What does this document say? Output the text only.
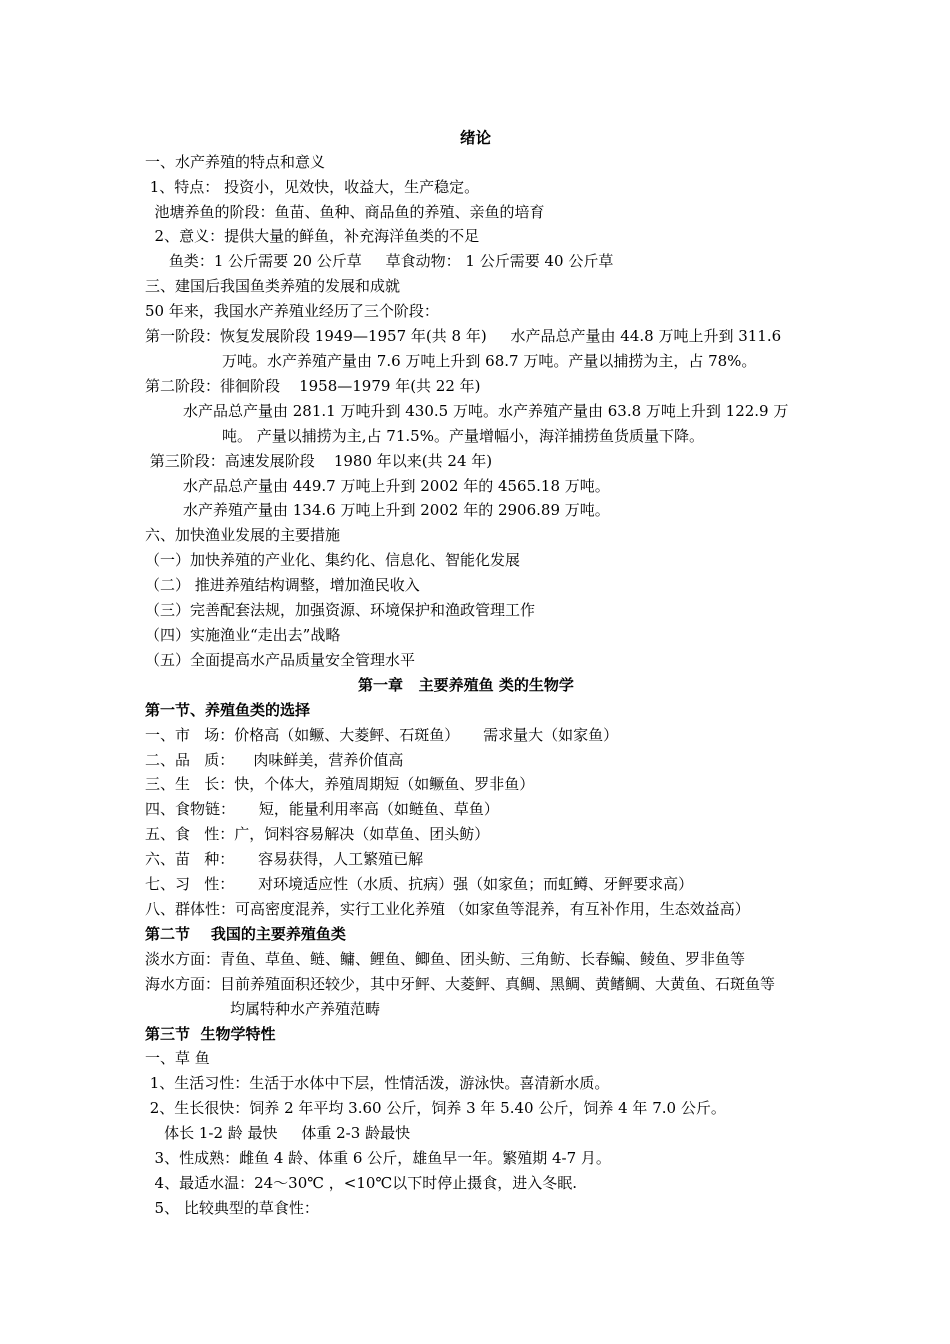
绪论
一、水产养殖的特点和意义
1、特点： 投资小，见效快，收益大，生产稳定。
池塘养鱼的阶段：鱼苗、鱼种、商品鱼的养殖、亲鱼的培育
2、意义：提供大量的鲜鱼，补充海洋鱼类的不足
鱼类：1 公斤需要 20 公斤草     草食动物： 1 公斤需要 40 公斤草
三、建国后我国鱼类养殖的发展和成就
50 年来，我国水产养殖业经历了三个阶段：
第一阶段：恢复发展阶段 1949—1957 年(共 8 年)     水产品总产量由 44.8 万吨上升到 311.6
万吨。水产养殖产量由 7.6 万吨上升到 68.7 万吨。产量以捕捞为主，占 78%。
第二阶段：徘徊阶段    1958—1979 年(共 22 年)
水产品总产量由 281.1 万吨升到 430.5 万吨。水产养殖产量由 63.8 万吨上升到 122.9 万
吨。 产量以捕捞为主,占 71.5%。产量增幅小，海洋捕捞鱼货质量下降。
第三阶段：高速发展阶段    1980 年以来(共 24 年)
水产品总产量由 449.7 万吨上升到 2002 年的 4565.18 万吨。
水产养殖产量由 134.6 万吨上升到 2002 年的 2906.89 万吨。
六、加快渔业发展的主要措施
（一）加快养殖的产业化、集约化、信息化、智能化发展
（二） 推进养殖结构调整，增加渔民收入
（三）完善配套法规，加强资源、环境保护和渔政管理工作
（四）实施渔业“走出去”战略
（五）全面提高水产品质量安全管理水平
第一章   主要养殖鱼 类的生物学
第一节、养殖鱼类的选择
一、市   场：价格高（如鳜、大菱鲆、石斑鱼）     需求量大（如家鱼）
二、品   质：    肉味鲜美，营养价值高
三、生   长：快，个体大，养殖周期短（如鳜鱼、罗非鱼）
四、食物链：     短，能量利用率高（如鲢鱼、草鱼）
五、食   性：广，饲料容易解决（如草鱼、团头鲂）
六、苗   种：     容易获得，人工繁殖已解
七、习   性：     对环境适应性（水质、抗病）强（如家鱼；而虹鳟、牙鲆要求高）
八、群体性：可高密度混养，实行工业化养殖 （如家鱼等混养，有互补作用，生态效益高）
第二节    我国的主要养殖鱼类
淡水方面：青鱼、草鱼、鲢、鳙、鲤鱼、鲫鱼、团头鲂、三角鲂、长春鳊、鲮鱼、罗非鱼等
海水方面：目前养殖面积还较少，其中牙鲆、大菱鲆、真鲷、黑鲷、黄鳍鲷、大黄鱼、石斑鱼等
均属特种水产养殖范畴
第三节  生物学特性
一、草 鱼
1、生活习性：生活于水体中下层，性情活泼，游泳快。喜清新水质。
2、生长很快：饲养 2 年平均 3.60 公斤，饲养 3 年 5.40 公斤，饲养 4 年 7.0 公斤。
体长 1-2 龄 最快     体重 2-3 龄最快
3、性成熟：雌鱼 4 龄、体重 6 公斤，雄鱼早一年。繁殖期 4-7 月。
4、最适水温：24～30℃ ，<10℃以下时停止摄食，进入冬眠.
5、 比较典型的草食性：
